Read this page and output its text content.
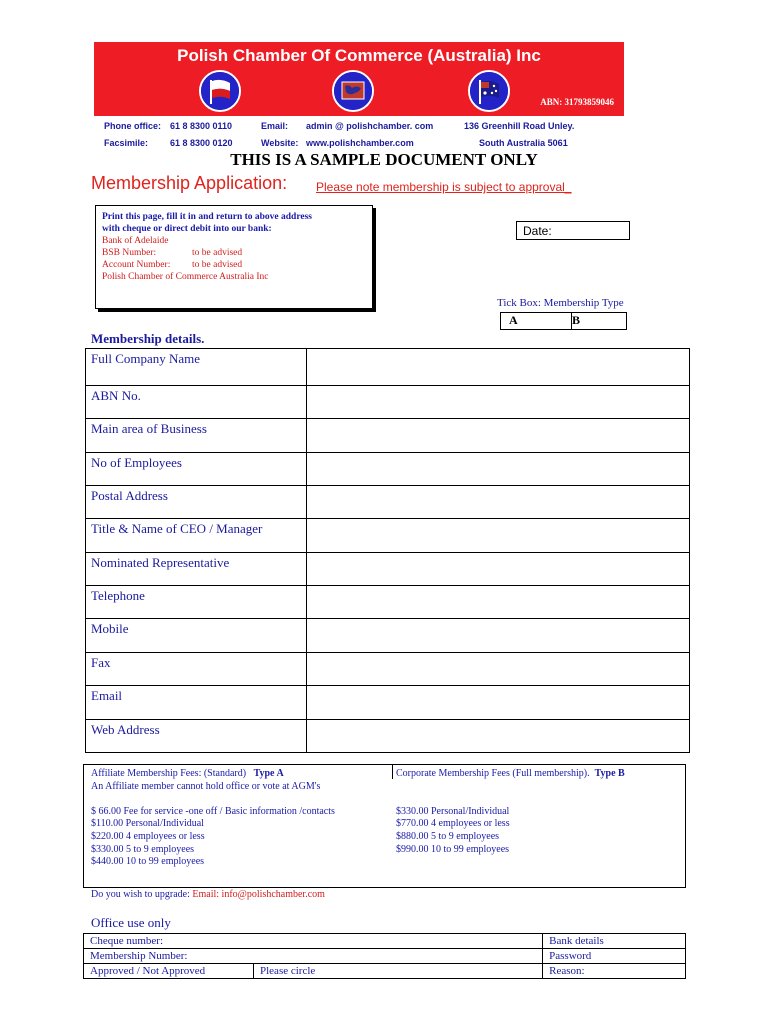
Polish Chamber Of Commerce (Australia) Inc
ABN: 31793859046
Phone office: 61 8 8300 0110	Email: admin @ polishchamber. com	136 Greenhill Road Unley.
Facsimile: 61 8 8300 0120	Website: www.polishchamber.com	South Australia 5061
THIS IS A SAMPLE DOCUMENT ONLY
Membership Application: Please note membership is subject to approval_
Print this page, fill it in and return to above address
with cheque or direct debit into our bank:
Bank of Adelaide
BSB Number:	to be advised
Account Number: to be advised
Polish Chamber of Commerce Australia Inc
Date:
Tick Box: Membership Type
A	B
Membership details.
Full Company Name	
ABN No.	
Main area of Business	
No of Employees	
Postal Address	
Title & Name of CEO / Manager	
Nominated Representative	
Telephone	
Mobile	
Fax	
Email	
Web Address	
Affiliate Membership Fees: (Standard) Type A
An Affiliate member cannot hold office or vote at AGM's
$ 66.00 Fee for service -one off / Basic information /contacts
$110.00 Personal/Individual
$220.00 4 employees or less
$330.00 5 to 9 employees
$440.00 10 to 99 employees
Corporate Membership Fees (Full membership). Type B
$330.00 Personal/Individual
$770.00 4 employees or less
$880.00 5 to 9 employees
$990.00 10 to 99 employees
Do you wish to upgrade: Email: info@polishchamber.com
Office use only
Cheque number:		Bank details
Membership Number:		Password
Approved / Not Approved	Please circle	Reason:
